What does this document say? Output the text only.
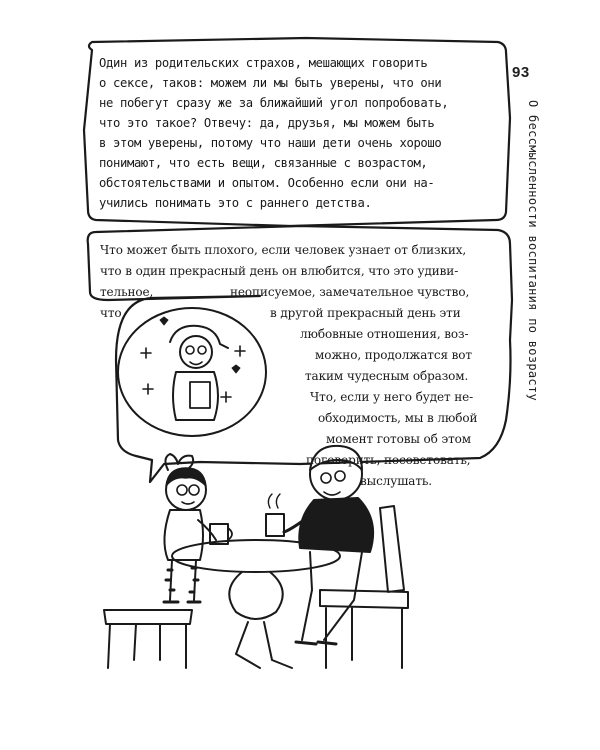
93
О бессмысленности воспитания по возрасту
Один из родительских страхов, мешающих говорить
о сексе, таков: можем ли мы быть уверены, что они
не побегут сразу же за ближайший угол попробовать,
что это такое? Отвечу: да, друзья, мы можем быть
в этом уверены, потому что наши дети очень хорошо
понимают, что есть вещи, связанные с возрастом,
обстоятельствами и опытом. Особенно если они на-
учились понимать это с раннего детства.
Что может быть плохого, если человек узнает от близких,
что в один прекрасный день он влюбится, что это удиви-
тельное,	неописуемое, замечательное чувство,
что	в другой прекрасный день эти
любовные отношения, воз-
можно, продолжатся вот
таким чудесным образом.
Что, если у него будет не-
обходимость, мы в любой
момент готовы об этом
поговорить, посоветовать,
выслушать.
